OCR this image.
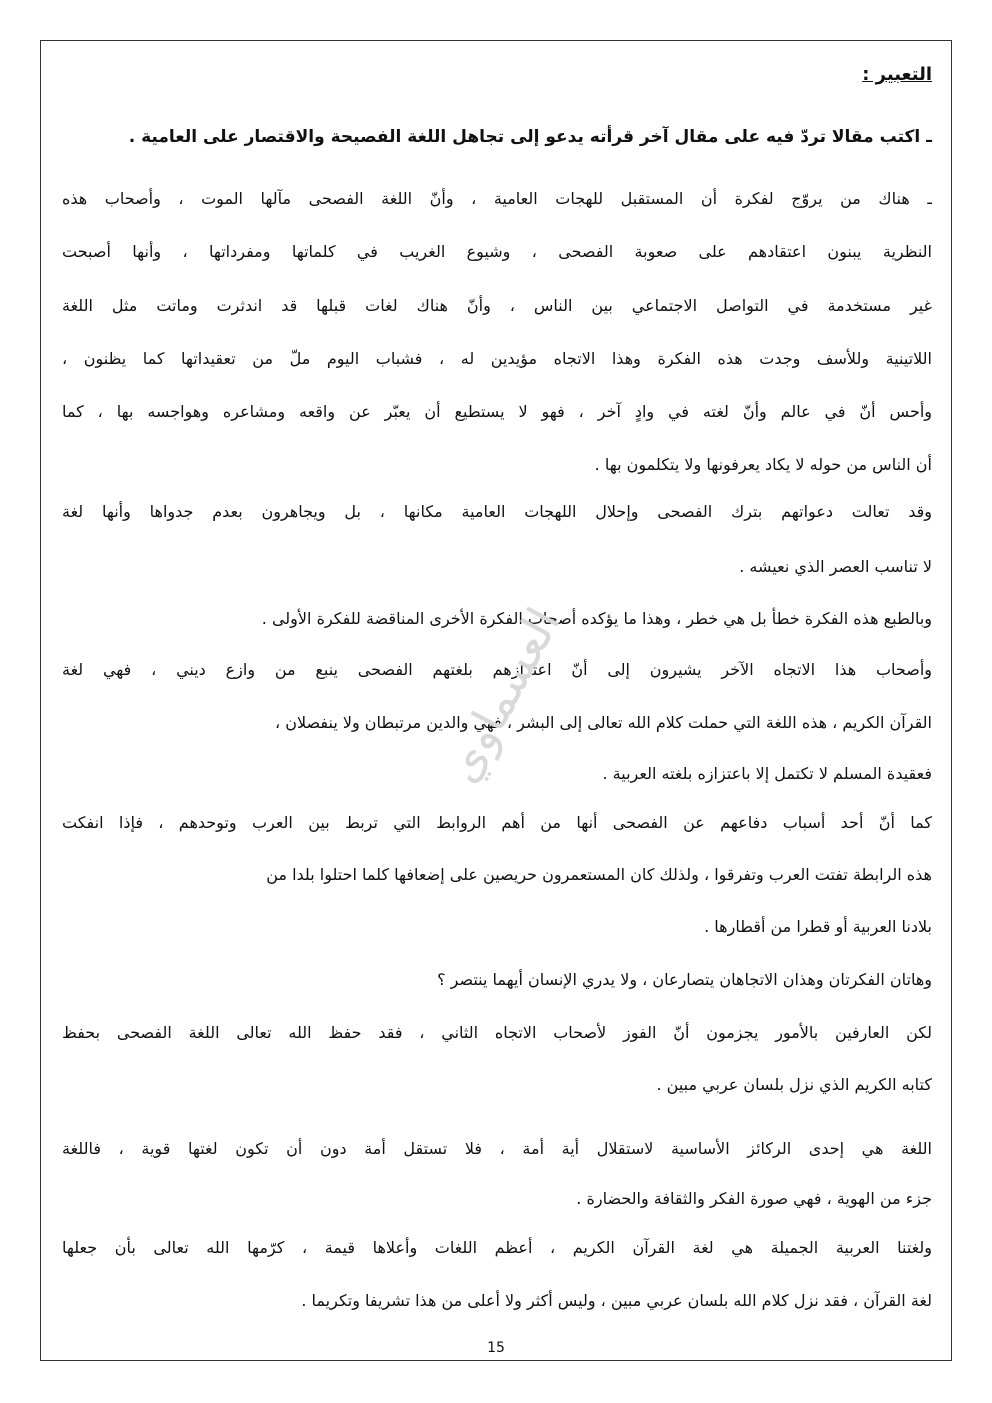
التعبير :
ـ اكتب مقالا تردّ فيه على مقال آخر قرأته يدعو إلى تجاهل اللغة الفصيحة والاقتصار على العامية .
ـ هناك من يروّج لفكرة أن المستقبل للهجات العامية ، وأنّ اللغة الفصحى مآلها الموت ، وأصحاب هذه
النظرية يبنون اعتقادهم على صعوبة الفصحى ، وشيوع الغريب في كلماتها ومفرداتها ، وأنها أصبحت
غير مستخدمة في التواصل الاجتماعي بين الناس ، وأنّ هناك لغات قبلها قد اندثرت وماتت مثل اللغة
اللاتينية وللأسف وجدت هذه الفكرة وهذا الاتجاه مؤيدين له ، فشباب اليوم ملّ من تعقيداتها كما يظنون ،
وأحس أنّ في عالم وأنّ لغته في وادٍ آخر ، فهو لا يستطيع أن يعبّر عن واقعه ومشاعره وهواجسه بها ، كما
أن الناس من حوله لا يكاد يعرفونها ولا يتكلمون بها .
وقد تعالت دعواتهم بترك الفصحى وإحلال اللهجات العامية مكانها ، بل ويجاهرون بعدم جدواها وأنها لغة
لا تناسب العصر الذي نعيشه .
وبالطبع هذه الفكرة خطأ بل هي خطر ، وهذا ما يؤكده أصحاب الفكرة الأخرى المناقضة للفكرة الأولى .
وأصحاب هذا الاتجاه الآخر يشيرون إلى أنّ اعتزازهم بلغتهم الفصحى ينبع من وازع ديني ، فهي لغة
القرآن الكريم ، هذه اللغة التي حملت كلام الله تعالى إلى البشر ، فهي والدين مرتبطان ولا ينفصلان ،
فعقيدة المسلم لا تكتمل إلا باعتزازه بلغته العربية .
كما أنّ أحد أسباب دفاعهم عن الفصحى أنها من أهم الروابط التي تربط بين العرب وتوحدهم ، فإذا انفكت
هذه الرابطة تفتت العرب وتفرقوا ، ولذلك كان المستعمرون حريصين على إضعافها كلما احتلوا بلدا من
بلادنا العربية أو قطرا من أقطارها .
وهاتان الفكرتان وهذان الاتجاهان يتصارعان ، ولا يدري الإنسان أيهما ينتصر ؟
لكن العارفين بالأمور يجزمون أنّ الفوز لأصحاب الاتجاه الثاني ، فقد حفظ الله تعالى اللغة الفصحى بحفظ
كتابه الكريم الذي نزل بلسان عربي مبين .
اللغة هي إحدى الركائز الأساسية لاستقلال أية أمة ، فلا تستقل أمة دون أن تكون لغتها قوية ، فاللغة
جزء من الهوية ، فهي صورة الفكر والثقافة والحضارة .
ولغتنا العربية الجميلة هي لغة القرآن الكريم ، أعظم اللغات وأعلاها قيمة ، كرّمها الله تعالى بأن جعلها
لغة القرآن ، فقد نزل كلام الله بلسان عربي مبين ، وليس أكثر ولا أعلى من هذا تشريفا وتكريما .
العسماوي
15
